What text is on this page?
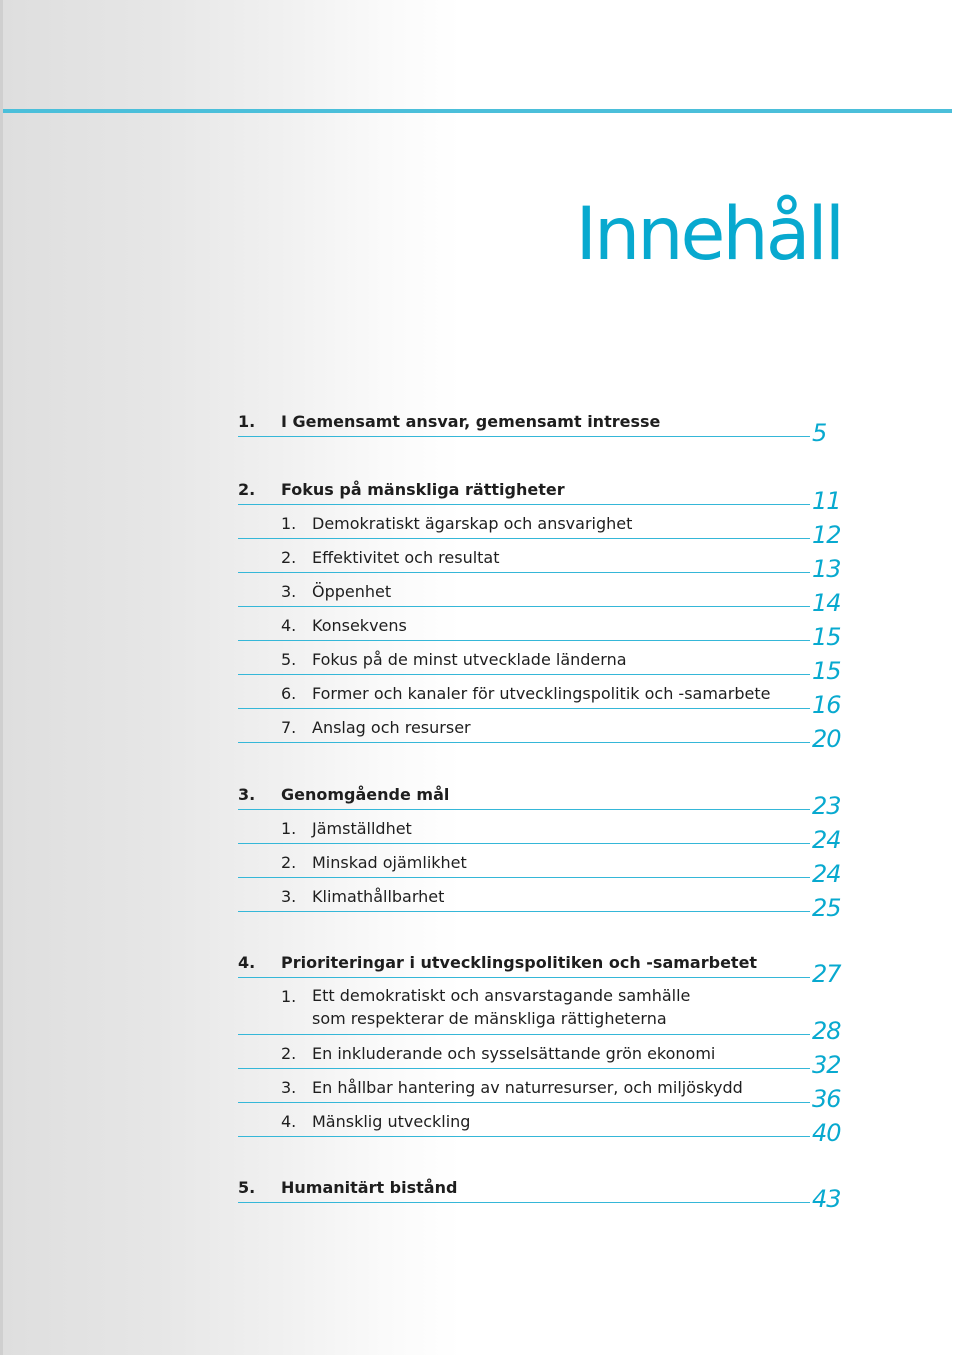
Innehåll
1. I Gemensamt ansvar, gemensamt intresse	5
2. Fokus på mänskliga rättigheter	11
1. Demokratiskt ägarskap och ansvarighet	12
2. Effektivitet och resultat	13
3. Öppenhet	14
4. Konsekvens	15
5. Fokus på de minst utvecklade länderna	15
6. Former och kanaler för utvecklingspolitik och -samarbete 16
7. Anslag och resurser	20
3. Genomgående mål	23
1. Jämställdhet	24
2. Minskad ojämlikhet	24
3. Klimathållbarhet	25
4. Prioriteringar i utvecklingspolitiken och -samarbetet 27
1. Ett demokratiskt och ansvarstagande samhälle
som respekterar de mänskliga rättigheterna	28
2. En inkluderande och sysselsättande grön ekonomi	32
3. En hållbar hantering av naturresurser, och miljöskydd	36
4. Mänsklig utveckling	40
5. Humanitärt bistånd	43
